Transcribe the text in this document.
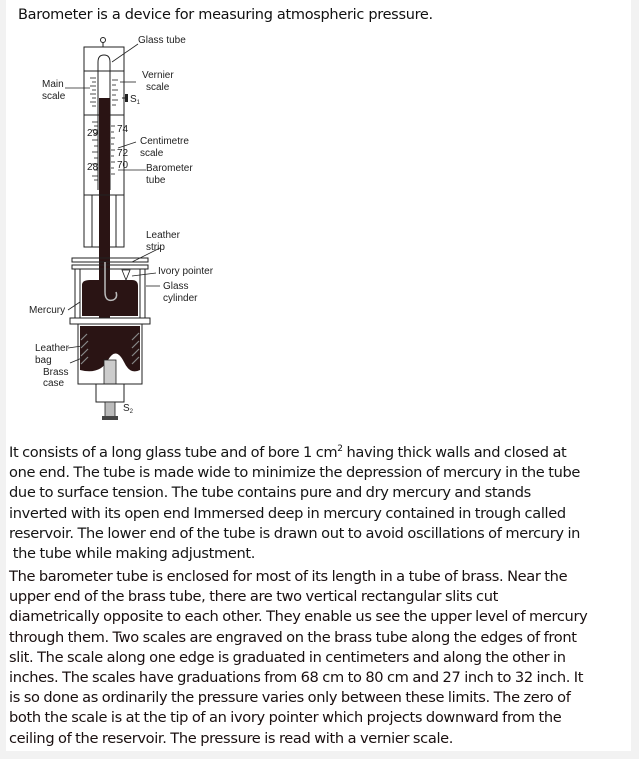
Barometer is a device for measuring atmospheric pressure.
29
28
74
72
70
Glass tube
Main
scale
Vernier
scale
$S_1$
Centimetre
scale
Barometer
tube
Leather
strip
Ivory pointer
Glass
cylinder
Mercury
Leather
bag
Brass
case
$S_2$
It consists of a long glass tube and of bore 1 $cm^2$ having thick walls and closed at
one end. The tube is made wide to minimize the depression of mercury in the tube
due to surface tension. The tube contains pure and dry mercury and stands
inverted with its open end Immersed deep in mercury contained in trough called
reservoir. The lower end of the tube is drawn out to avoid oscillations of mercury in
the tube while making adjustment.
The barometer tube is enclosed for most of its length in a tube of brass. Near the
upper end of the brass tube, there are two vertical rectangular slits cut
diametrically opposite to each other. They enable us see the upper level of mercury
through them. Two scales are engraved on the brass tube along the edges of front
slit. The scale along one edge is graduated in centimeters and along the other in
inches. The scales have graduations from 68 cm to 80 cm and 27 inch to 32 inch. It
is so done as ordinarily the pressure varies only between these limits. The zero of
both the scale is at the tip of an ivory pointer which projects downward from the
ceiling of the reservoir. The pressure is read with a vernier scale.
